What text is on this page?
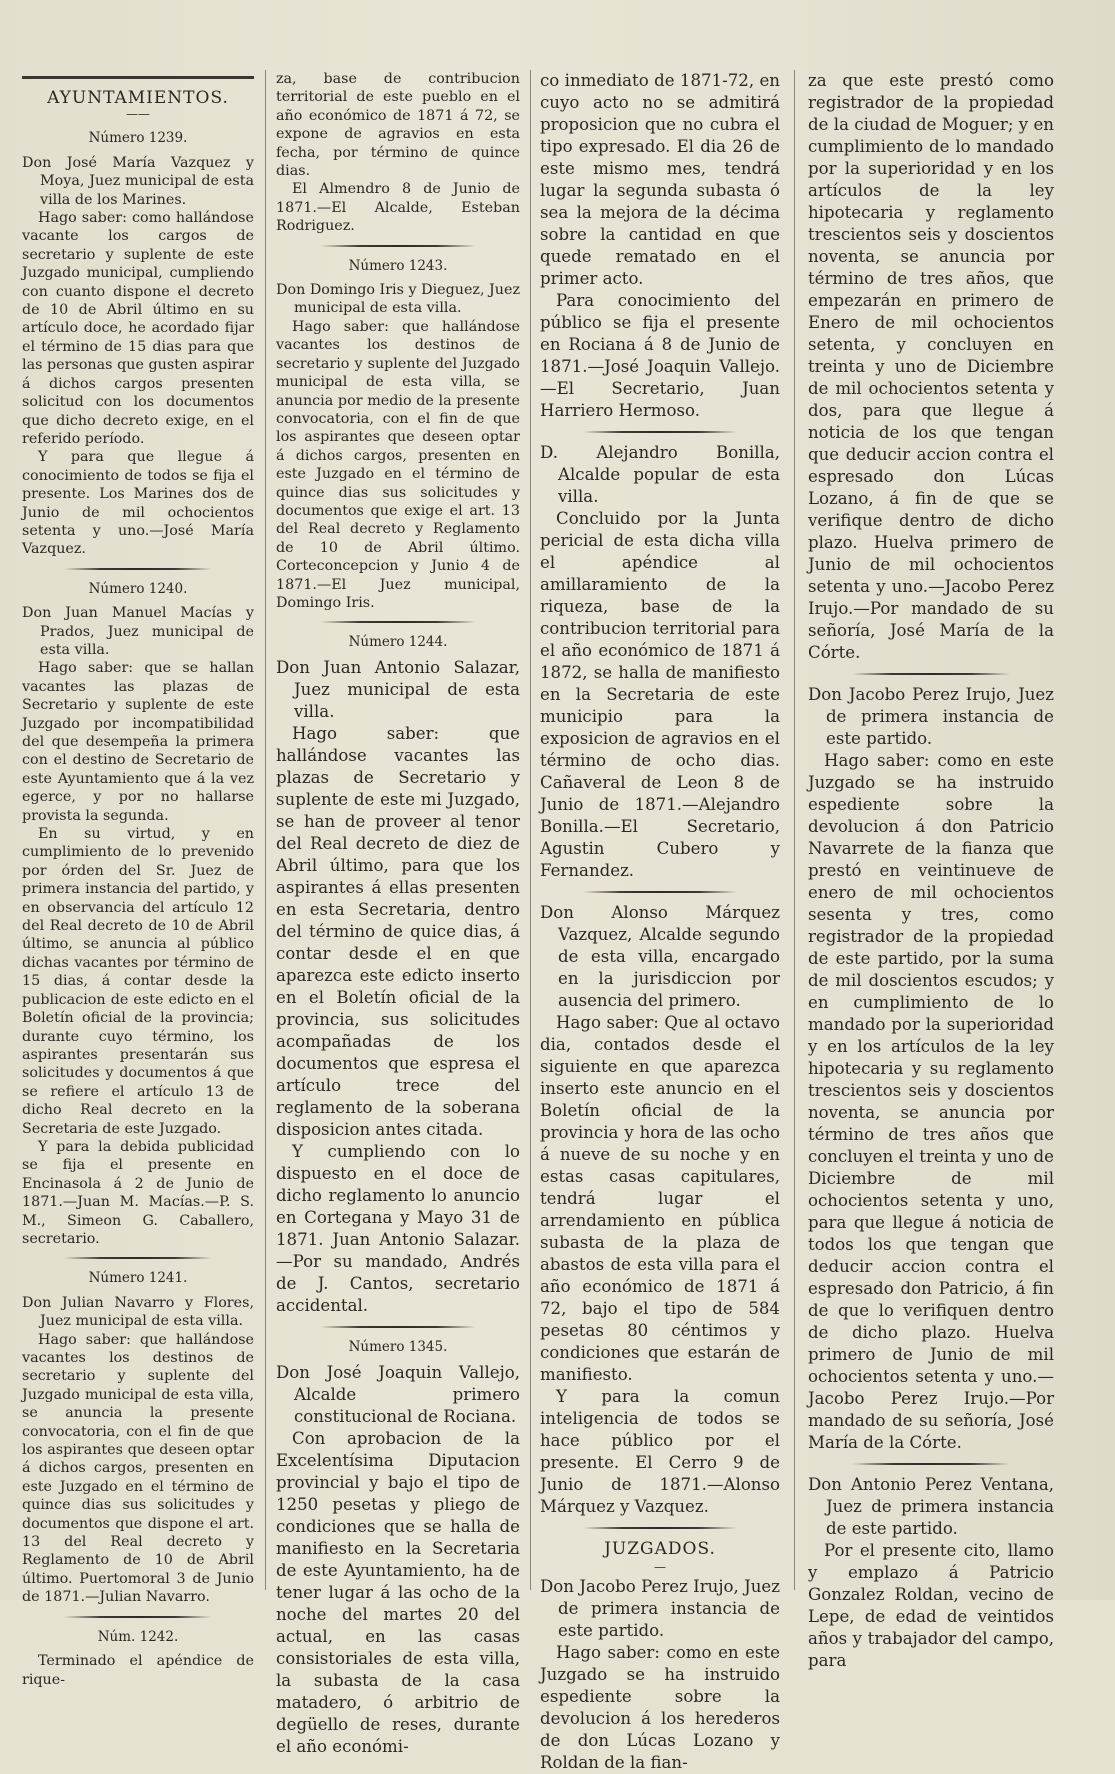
AYUNTAMIENTOS.
——
Número 1239.

Don José María Vazquez y Moya, Juez municipal de esta villa de los Marines.

Hago saber: como hallándose vacante los cargos de secretario y suplente de este Juzgado municipal, cumpliendo con cuanto dispone el decreto de 10 de Abril último en su artículo doce, he acordado fijar el término de 15 dias para que las personas que gusten aspirar á dichos cargos presenten solicitud con los documentos que dicho decreto exige, en el referido período.

Y para que llegue á conocimiento de todos se fija el presente. Los Marines dos de Junio de mil ochocientos setenta y uno.—José María Vazquez.

Número 1240.

Don Juan Manuel Macías y Prados, Juez municipal de esta villa.

Hago saber: que se hallan vacantes las plazas de Secretario y suplente de este Juzgado por incompatibilidad del que desempeña la primera con el destino de Secretario de este Ayuntamiento que á la vez egerce, y por no hallarse provista la segunda.

En su virtud, y en cumplimiento de lo prevenido por órden del Sr. Juez de primera instancia del partido, y en observancia del artículo 12 del Real decreto de 10 de Abril último, se anuncia al público dichas vacantes por término de 15 dias, á contar desde la publicacion de este edicto en el Boletín oficial de la provincia; durante cuyo término, los aspirantes presentarán sus solicitudes y documentos á que se refiere el artículo 13 de dicho Real decreto en la Secretaria de este Juzgado.

Y para la debida publicidad se fija el presente en Encinasola á 2 de Junio de 1871.—Juan M. Macías.—P. S. M., Simeon G. Caballero, secretario.

Número 1241.

Don Julian Navarro y Flores, Juez municipal de esta villa.

Hago saber: que hallándose vacantes los destinos de secretario y suplente del Juzgado municipal de esta villa, se anuncia la presente convocatoria, con el fin de que los aspirantes que deseen optar á dichos cargos, presenten en este Juzgado en el término de quince dias sus solicitudes y documentos que dispone el art. 13 del Real decreto y Reglamento de 10 de Abril último. Puertomoral 3 de Junio de 1871.—Julian Navarro.

Núm. 1242.

Terminado el apéndice de rique-

za, base de contribucion territorial de este pueblo en el año económico de 1871 á 72, se expone de agravios en esta fecha, por término de quince dias.

El Almendro 8 de Junio de 1871.—El Alcalde, Esteban Rodriguez.

Número 1243.

Don Domingo Iris y Dieguez, Juez municipal de esta villa.

Hago saber: que hallándose vacantes los destinos de secretario y suplente del Juzgado municipal de esta villa, se anuncia por medio de la presente convocatoria, con el fin de que los aspirantes que deseen optar á dichos cargos, presenten en este Juzgado en el término de quince dias sus solicitudes y documentos que exige el art. 13 del Real decreto y Reglamento de 10 de Abril último. Corteconcepcion y Junio 4 de 1871.—El Juez municipal, Domingo Iris.

Número 1244.

Don Juan Antonio Salazar, Juez municipal de esta villa.

Hago saber: que hallándose vacantes las plazas de Secretario y suplente de este mi Juzgado, se han de proveer al tenor del Real decreto de diez de Abril último, para que los aspirantes á ellas presenten en esta Secretaria, dentro del término de quice dias, á contar desde el en que aparezca este edicto inserto en el Boletín oficial de la provincia, sus solicitudes acompañadas de los documentos que espresa el artículo trece del reglamento de la soberana disposicion antes citada.

Y cumpliendo con lo dispuesto en el doce de dicho reglamento lo anuncio en Cortegana y Mayo 31 de 1871. Juan Antonio Salazar.—Por su mandado, Andrés de J. Cantos, secretario accidental.

Número 1345.

Don José Joaquin Vallejo, Alcalde primero constitucional de Rociana.

Con aprobacion de la Excelentísima Diputacion provincial y bajo el tipo de 1250 pesetas y pliego de condiciones que se halla de manifiesto en la Secretaria de este Ayuntamiento, ha de tener lugar á las ocho de la noche del martes 20 del actual, en las casas consistoriales de esta villa, la subasta de la casa matadero, ó arbitrio de degüello de reses, durante el año económi-

co inmediato de 1871-72, en cuyo acto no se admitirá proposicion que no cubra el tipo expresado. El dia 26 de este mismo mes, tendrá lugar la segunda subasta ó sea la mejora de la décima sobre la cantidad en que quede rematado en el primer acto.

Para conocimiento del público se fija el presente en Rociana á 8 de Junio de 1871.—José Joaquin Vallejo.—El Secretario, Juan Harriero Hermoso.

D. Alejandro Bonilla, Alcalde popular de esta villa.

Concluido por la Junta pericial de esta dicha villa el apéndice al amillaramiento de la riqueza, base de la contribucion territorial para el año económico de 1871 á 1872, se halla de manifiesto en la Secretaria de este municipio para la exposicion de agravios en el término de ocho dias. Cañaveral de Leon 8 de Junio de 1871.—Alejandro Bonilla.—El Secretario, Agustin Cubero y Fernandez.

Don Alonso Márquez Vazquez, Alcalde segundo de esta villa, encargado en la jurisdiccion por ausencia del primero.

Hago saber: Que al octavo dia, contados desde el siguiente en que aparezca inserto este anuncio en el Boletín oficial de la provincia y hora de las ocho á nueve de su noche y en estas casas capitulares, tendrá lugar el arrendamiento en pública subasta de la plaza de abastos de esta villa para el año económico de 1871 á 72, bajo el tipo de 584 pesetas 80 céntimos y condiciones que estarán de manifiesto.

Y para la comun inteligencia de todos se hace público por el presente. El Cerro 9 de Junio de 1871.—Alonso Márquez y Vazquez.

JUZGADOS.
—

Don Jacobo Perez Irujo, Juez de primera instancia de este partido.

Hago saber: como en este Juzgado se ha instruido espediente sobre la devolucion á los herederos de don Lúcas Lozano y Roldan de la fian-

za que este prestó como registrador de la propiedad de la ciudad de Moguer; y en cumplimiento de lo mandado por la superioridad y en los artículos de la ley hipotecaria y reglamento trescientos seis y doscientos noventa, se anuncia por término de tres años, que empezarán en primero de Enero de mil ochocientos setenta, y concluyen en treinta y uno de Diciembre de mil ochocientos setenta y dos, para que llegue á noticia de los que tengan que deducir accion contra el espresado don Lúcas Lozano, á fin de que se verifique dentro de dicho plazo. Huelva primero de Junio de mil ochocientos setenta y uno.—Jacobo Perez Irujo.—Por mandado de su señoría, José María de la Córte.

Don Jacobo Perez Irujo, Juez de primera instancia de este partido.

Hago saber: como en este Juzgado se ha instruido espediente sobre la devolucion á don Patricio Navarrete de la fianza que prestó en veintinueve de enero de mil ochocientos sesenta y tres, como registrador de la propiedad de este partido, por la suma de mil doscientos escudos; y en cumplimiento de lo mandado por la superioridad y en los artículos de la ley hipotecaria y su reglamento trescientos seis y doscientos noventa, se anuncia por término de tres años que concluyen el treinta y uno de Diciembre de mil ochocientos setenta y uno, para que llegue á noticia de todos los que tengan que deducir accion contra el espresado don Patricio, á fin de que lo verifiquen dentro de dicho plazo. Huelva primero de Junio de mil ochocientos setenta y uno.—Jacobo Perez Irujo.—Por mandado de su señoría, José María de la Córte.

Don Antonio Perez Ventana, Juez de primera instancia de este partido.

Por el presente cito, llamo y emplazo á Patricio Gonzalez Roldan, vecino de Lepe, de edad de veintidos años y trabajador del campo, para
